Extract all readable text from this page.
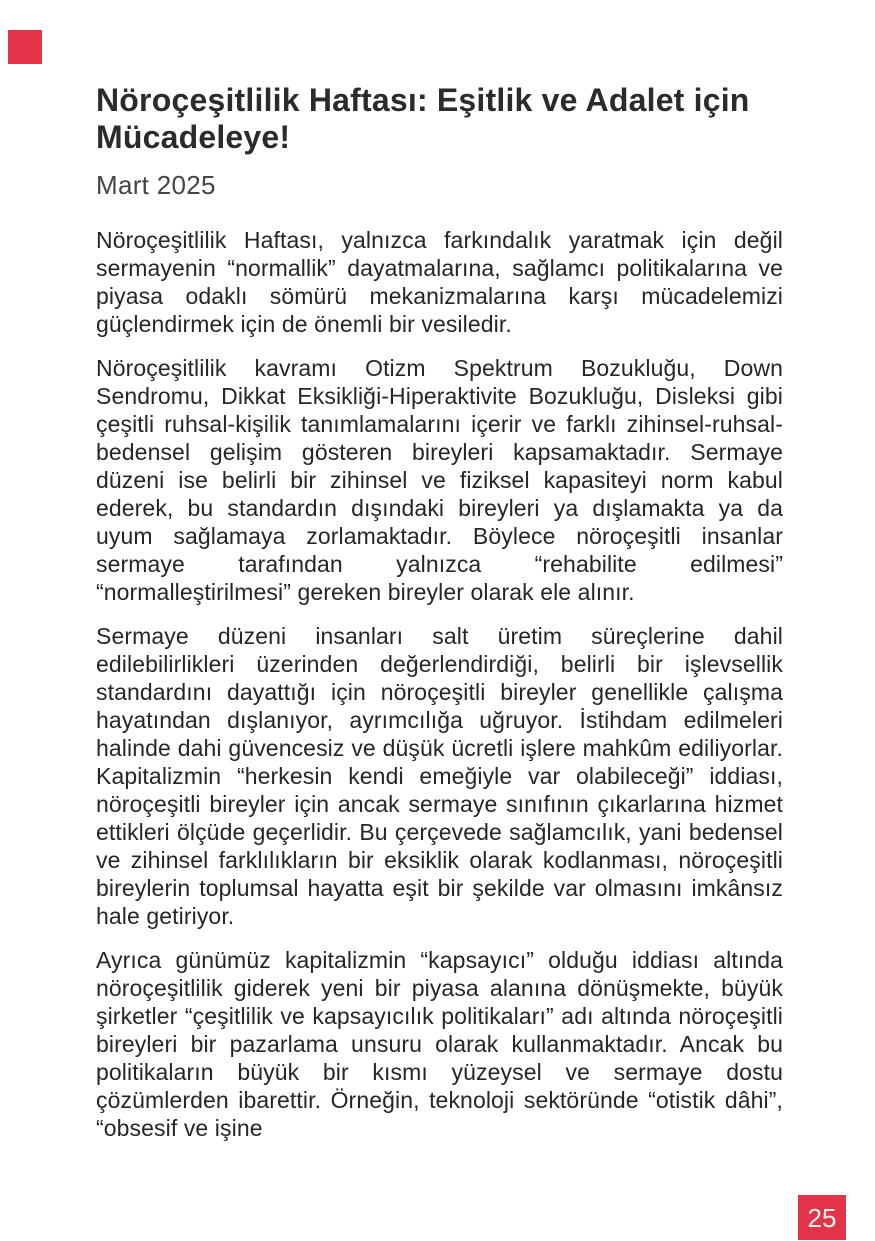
Nöroçeşitlilik Haftası: Eşitlik ve Adalet için
Mücadeleye!

Mart 2025

Nöroçeşitlilik Haftası, yalnızca farkındalık yaratmak için değil sermayenin “normallik” dayatmalarına, sağlamcı politikalarına ve piyasa odaklı sömürü mekanizmalarına karşı mücadelemizi güçlendirmek için de önemli bir vesiledir.

Nöroçeşitlilik kavramı Otizm Spektrum Bozukluğu, Down Sendromu, Dikkat Eksikliği-Hiperaktivite Bozukluğu, Disleksi gibi çeşitli ruhsal-kişilik tanımlamalarını içerir ve farklı zihinsel-ruhsal-bedensel gelişim gösteren bireyleri kapsamaktadır. Sermaye düzeni ise belirli bir zihinsel ve fiziksel kapasiteyi norm kabul ederek, bu standardın dışındaki bireyleri ya dışlamakta ya da uyum sağlamaya zorlamaktadır. Böylece nöroçeşitli insanlar sermaye tarafından yalnızca “rehabilite edilmesi” “normalleştirilmesi” gereken bireyler olarak ele alınır.

Sermaye düzeni insanları salt üretim süreçlerine dahil edilebilirlikleri üzerinden değerlendirdiği, belirli bir işlevsellik standardını dayattığı için nöroçeşitli bireyler genellikle çalışma hayatından dışlanıyor, ayrımcılığa uğruyor. İstihdam edilmeleri halinde dahi güvencesiz ve düşük ücretli işlere mahkûm ediliyorlar. Kapitalizmin “herkesin kendi emeğiyle var olabileceği” iddiası, nöroçeşitli bireyler için ancak sermaye sınıfının çıkarlarına hizmet ettikleri ölçüde geçerlidir. Bu çerçevede sağlamcılık, yani bedensel ve zihinsel farklılıkların bir eksiklik olarak kodlanması, nöroçeşitli bireylerin toplumsal hayatta eşit bir şekilde var olmasını imkânsız hale getiriyor.

Ayrıca günümüz kapitalizmin “kapsayıcı” olduğu iddiası altında nöroçeşitlilik giderek yeni bir piyasa alanına dönüşmekte, büyük şirketler “çeşitlilik ve kapsayıcılık politikaları” adı altında nöroçeşitli bireyleri bir pazarlama unsuru olarak kullanmaktadır. Ancak bu politikaların büyük bir kısmı yüzeysel ve sermaye dostu çözümlerden ibarettir. Örneğin, teknoloji sektöründe “otistik dâhi”, “obsesif ve işine

25
